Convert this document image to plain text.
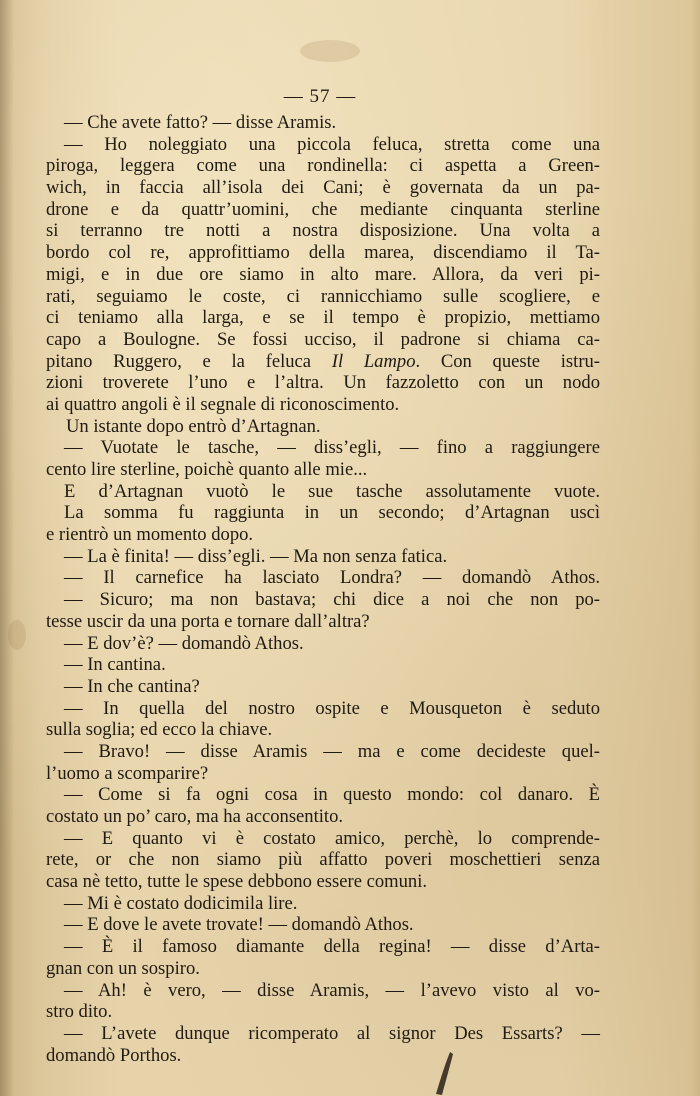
— 57 —
— Che avete fatto? — disse Aramis.
— Ho noleggiato una piccola feluca, stretta come una
piroga, leggera come una rondinella: ci aspetta a Green-
wich, in faccia all’isola dei Cani; è governata da un pa-
drone e da quattr’uomini, che mediante cinquanta sterline
si terranno tre notti a nostra disposizione. Una volta a
bordo col re, approfittiamo della marea, discendiamo il Ta-
migi, e in due ore siamo in alto mare. Allora, da veri pi-
rati, seguiamo le coste, ci rannicchiamo sulle scogliere, e
ci teniamo alla larga, e se il tempo è propizio, mettiamo
capo a Boulogne. Se fossi ucciso, il padrone si chiama ca-
pitano Ruggero, e la feluca Il Lampo. Con queste istru-
zioni troverete l’uno e l’altra. Un fazzoletto con un nodo
ai quattro angoli è il segnale di riconoscimento.
Un istante dopo entrò d’Artagnan.
— Vuotate le tasche, — diss’egli, — fino a raggiungere
cento lire sterline, poichè quanto alle mie...
E d’Artagnan vuotò le sue tasche assolutamente vuote.
La somma fu raggiunta in un secondo; d’Artagnan uscì
e rientrò un momento dopo.
— La è finita! — diss’egli. — Ma non senza fatica.
— Il carnefice ha lasciato Londra? — domandò Athos.
— Sicuro; ma non bastava; chi dice a noi che non po-
tesse uscir da una porta e tornare dall’altra?
— E dov’è? — domandò Athos.
— In cantina.
— In che cantina?
— In quella del nostro ospite e Mousqueton è seduto
sulla soglia; ed ecco la chiave.
— Bravo! — disse Aramis — ma e come decideste quel-
l’uomo a scomparire?
— Come si fa ogni cosa in questo mondo: col danaro. È
costato un po’ caro, ma ha acconsentito.
— E quanto vi è costato amico, perchè, lo comprende-
rete, or che non siamo più affatto poveri moschettieri senza
casa nè tetto, tutte le spese debbono essere comuni.
— Mi è costato dodicimila lire.
— E dove le avete trovate! — domandò Athos.
— È il famoso diamante della regina! — disse d’Arta-
gnan con un sospiro.
— Ah! è vero, — disse Aramis, — l’avevo visto al vo-
stro dito.
— L’avete dunque ricomperato al signor Des Essarts? —
domandò Porthos.
